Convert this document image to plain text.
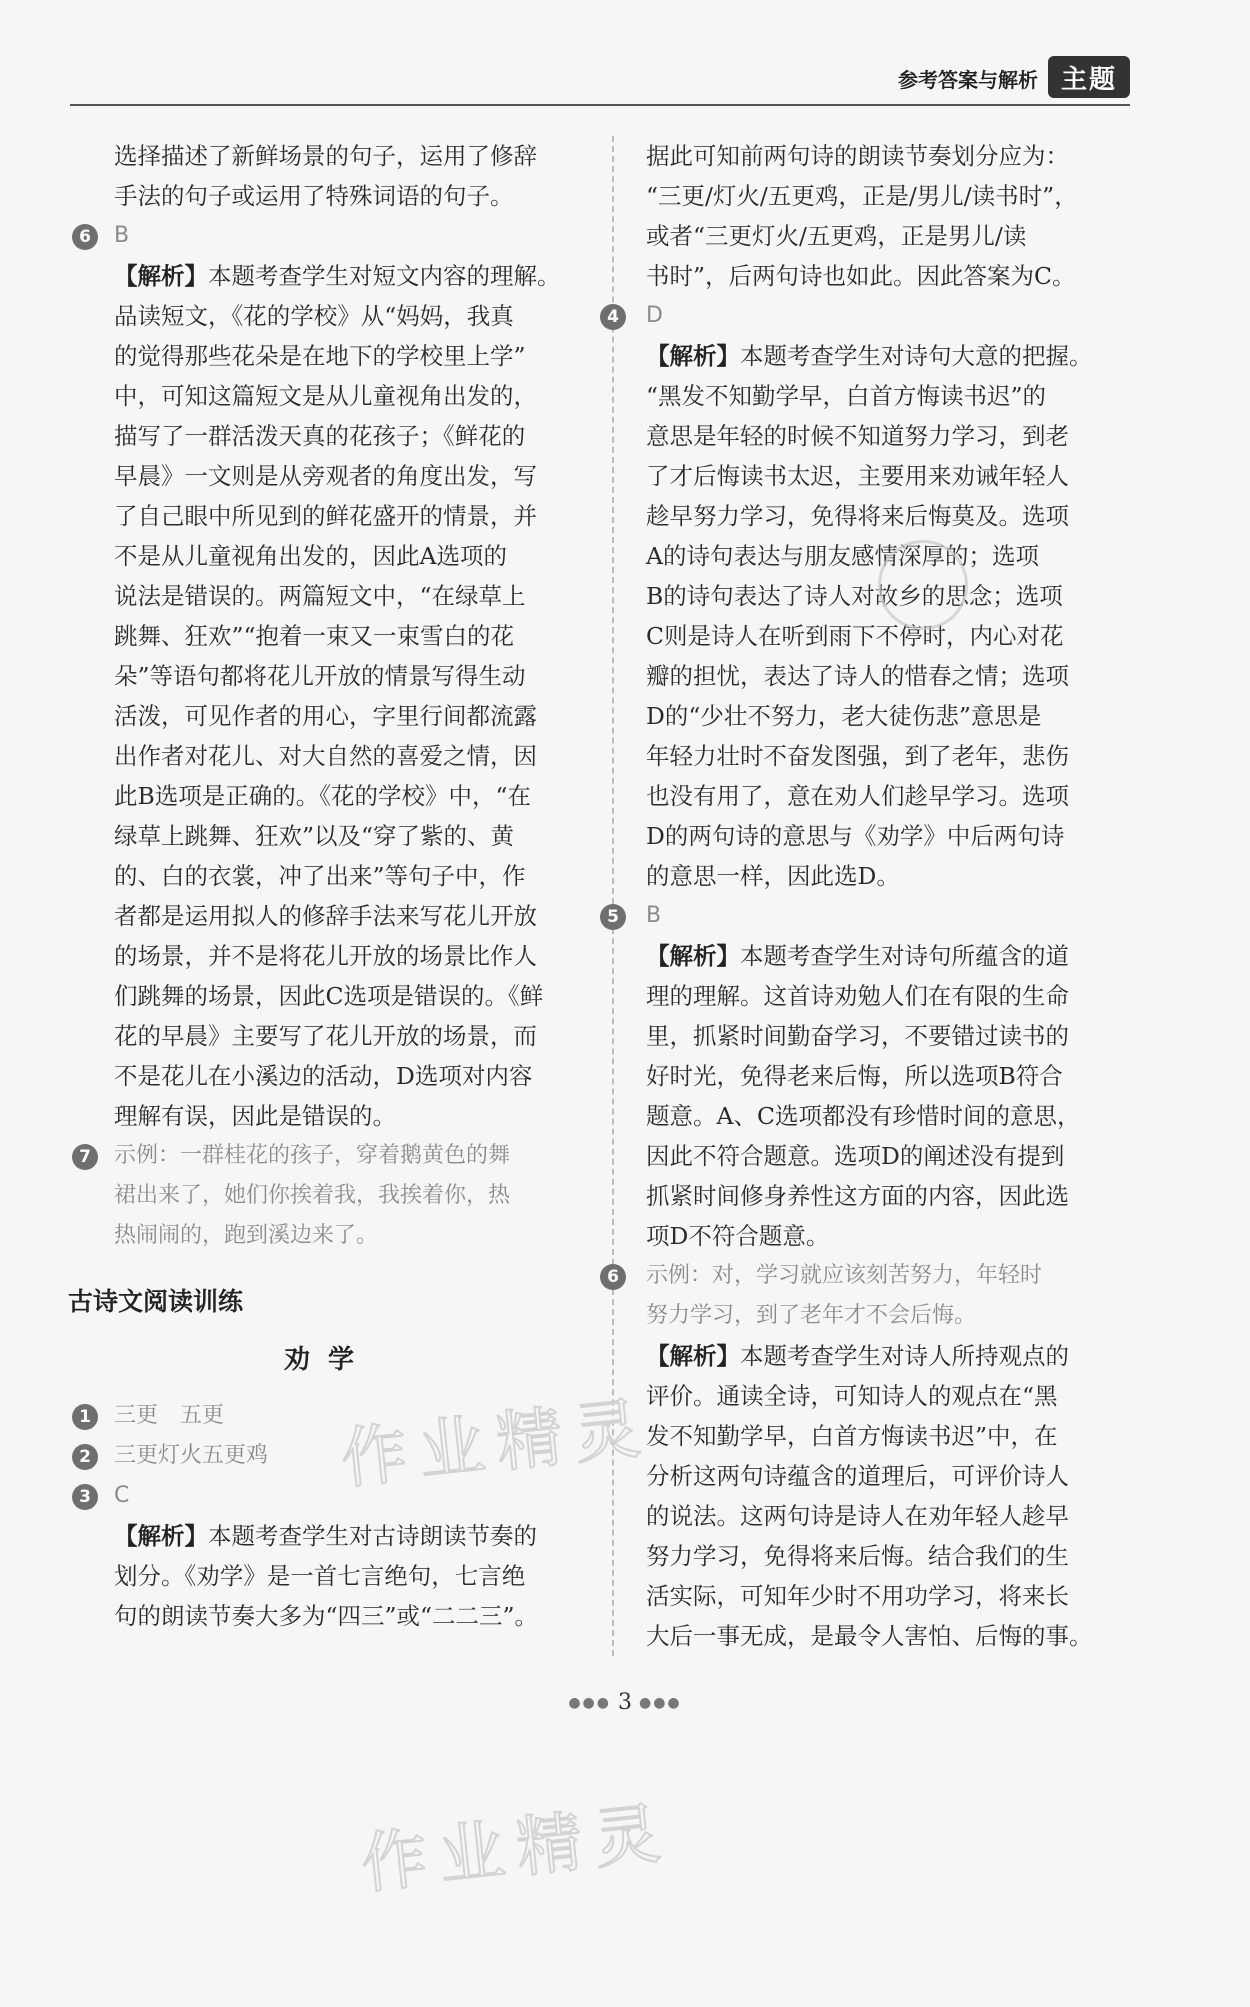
参考答案与解析 主题
选择描述了新鲜场景的句子，运用了修辞
手法的句子或运用了特殊词语的句子。
6	B
【解析】本题考查学生对短文内容的理解。
品读短文，《花的学校》从“妈妈，我真
的觉得那些花朵是在地下的学校里上学”
中，可知这篇短文是从儿童视角出发的，
描写了一群活泼天真的花孩子；《鲜花的
早晨》一文则是从旁观者的角度出发，写
了自己眼中所见到的鲜花盛开的情景，并
不是从儿童视角出发的，因此A选项的
说法是错误的。两篇短文中，“在绿草上
跳舞、狂欢”“抱着一束又一束雪白的花
朵”等语句都将花儿开放的情景写得生动
活泼，可见作者的用心，字里行间都流露
出作者对花儿、对大自然的喜爱之情，因
此B选项是正确的。《花的学校》中，“在
绿草上跳舞、狂欢”以及“穿了紫的、黄
的、白的衣裳，冲了出来”等句子中，作
者都是运用拟人的修辞手法来写花儿开放
的场景，并不是将花儿开放的场景比作人
们跳舞的场景，因此C选项是错误的。《鲜
花的早晨》主要写了花儿开放的场景，而
不是花儿在小溪边的活动，D选项对内容
理解有误，因此是错误的。
7	示例：一群桂花的孩子，穿着鹅黄色的舞
裙出来了，她们你挨着我，我挨着你，热
热闹闹的，跑到溪边来了。
古诗文阅读训练
劝学
1	三更　五更
2	三更灯火五更鸡
3	C
【解析】本题考查学生对古诗朗读节奏的
划分。《劝学》是一首七言绝句，七言绝
句的朗读节奏大多为“四三”或“二二三”。
据此可知前两句诗的朗读节奏划分应为：
“三更/灯火/五更鸡，正是/男儿/读书时”，
或者“三更灯火/五更鸡，正是男儿/读
书时”，后两句诗也如此。因此答案为C。
4	D
【解析】本题考查学生对诗句大意的把握。
“黑发不知勤学早，白首方悔读书迟”的
意思是年轻的时候不知道努力学习，到老
了才后悔读书太迟，主要用来劝诫年轻人
趁早努力学习，免得将来后悔莫及。选项
A的诗句表达与朋友感情深厚的；选项
B的诗句表达了诗人对故乡的思念；选项
C则是诗人在听到雨下不停时，内心对花
瓣的担忧，表达了诗人的惜春之情；选项
D的“少壮不努力，老大徒伤悲”意思是
年轻力壮时不奋发图强，到了老年，悲伤
也没有用了，意在劝人们趁早学习。选项
D的两句诗的意思与《劝学》中后两句诗
的意思一样，因此选D。
5	B
【解析】本题考查学生对诗句所蕴含的道
理的理解。这首诗劝勉人们在有限的生命
里，抓紧时间勤奋学习，不要错过读书的
好时光，免得老来后悔，所以选项B符合
题意。A、C选项都没有珍惜时间的意思，
因此不符合题意。选项D的阐述没有提到
抓紧时间修身养性这方面的内容，因此选
项D不符合题意。
6	示例：对，学习就应该刻苦努力，年轻时
努力学习，到了老年才不会后悔。
【解析】本题考查学生对诗人所持观点的
评价。通读全诗，可知诗人的观点在“黑
发不知勤学早，白首方悔读书迟”中，在
分析这两句诗蕴含的道理后，可评价诗人
的说法。这两句诗是诗人在劝年轻人趁早
努力学习，免得将来后悔。结合我们的生
活实际，可知年少时不用功学习，将来长
大后一事无成，是最令人害怕、后悔的事。
作业精灵
作业精灵
●●● 3 ●●●
